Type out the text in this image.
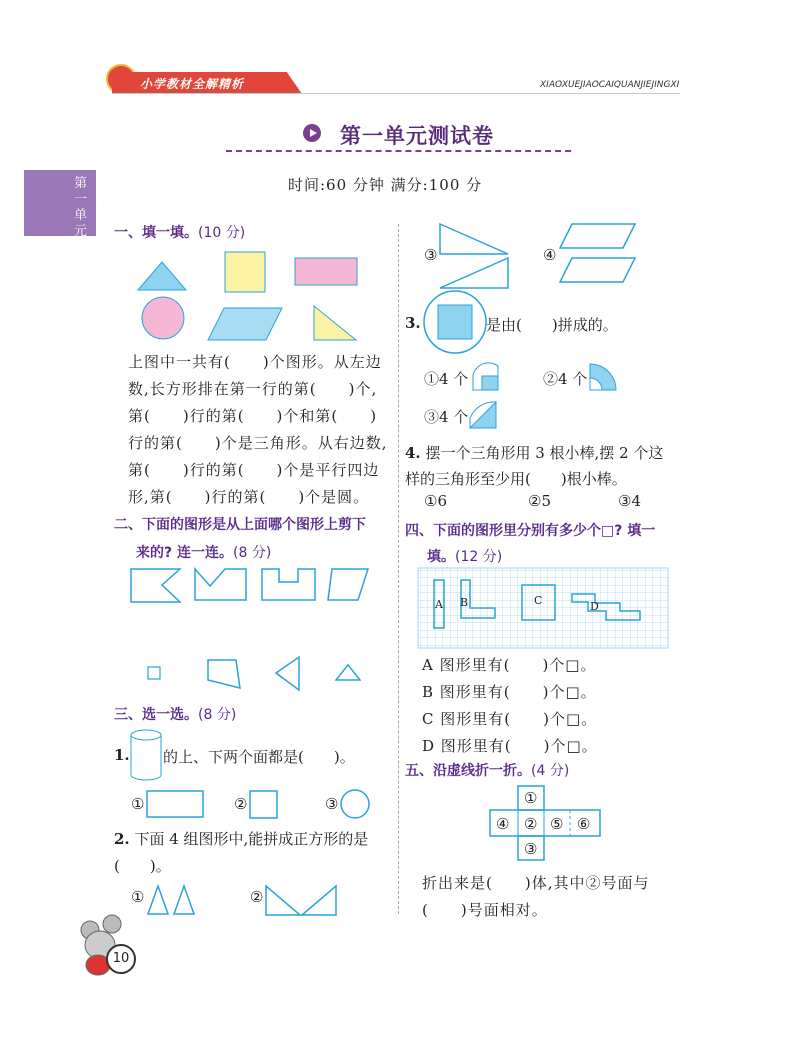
小学教材全解精析	XIAOXUEJIAOCAIQUANJIEJINGXI
第一单元
第一单元测试卷
时间:60 分钟 满分:100 分
一、填一填。(10 分)
上图中一共有(　　)个图形。从左边
数,长方形排在第一行的第(　　)个,
第(　　)行的第(　　)个和第(　　)
行的第(　　)个是三角形。从右边数,
第(　　)行的第(　　)个是平行四边
形,第(　　)行的第(　　)个是圆。
二、下面的图形是从上面哪个图形上剪下
来的? 连一连。(8 分)
三、选一选。(8 分)
1. 的上、下两个面都是(　　)。
①	②	③
2. 下面 4 组图形中,能拼成正方形的是
(　　)。
①	②
③	④
3.	是由(　　)拼成的。
①4 个	②4 个
③4 个
4. 摆一个三角形用 3 根小棒,摆 2 个这
样的三角形至少用(　　)根小棒。
①6	②5	③4
四、下面的图形里分别有多少个□? 填一
填。(12 分)
A B	C	D
A 图形里有(　　)个□。
B 图形里有(　　)个□。
C 图形里有(　　)个□。
D 图形里有(　　)个□。
五、沿虚线折一折。(4 分)
①
④ ② ⑤ ⑥
③
折出来是(　　)体,其中②号面与
(　　)号面相对。
10
